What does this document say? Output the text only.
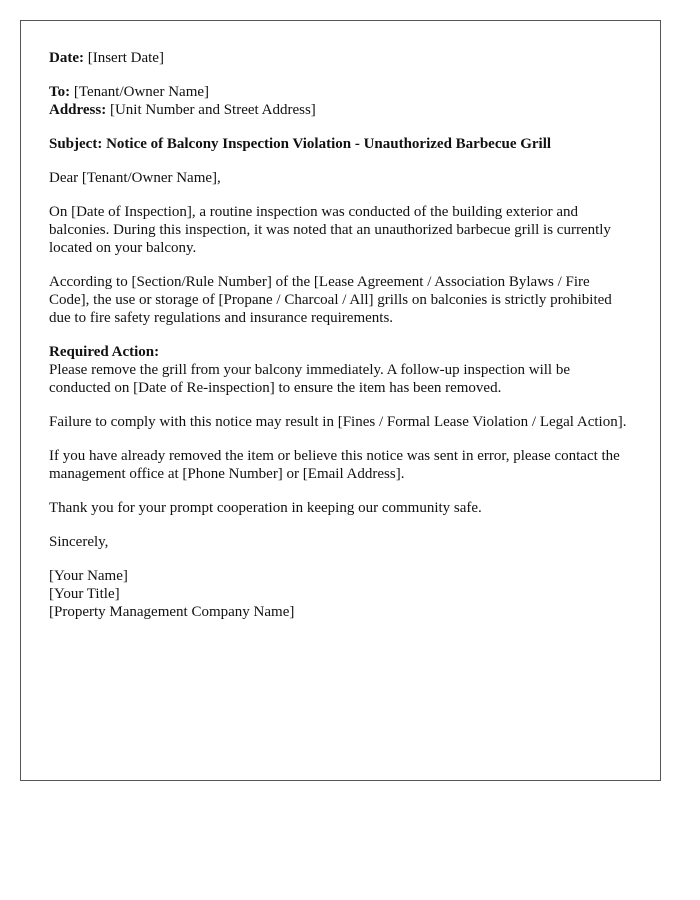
Date: [Insert Date]

To: [Tenant/Owner Name]

Address: [Unit Number and Street Address]

Subject: Notice of Balcony Inspection Violation - Unauthorized Barbecue Grill

Dear [Tenant/Owner Name],

On [Date of Inspection], a routine inspection was conducted of the building exterior and balconies. During this inspection, it was noted that an unauthorized barbecue grill is currently located on your balcony.

According to [Section/Rule Number] of the [Lease Agreement / Association Bylaws / Fire Code], the use or storage of [Propane / Charcoal / All] grills on balconies is strictly prohibited due to fire safety regulations and insurance requirements.

Required Action:

Please remove the grill from your balcony immediately. A follow-up inspection will be conducted on [Date of Re-inspection] to ensure the item has been removed.

Failure to comply with this notice may result in [Fines / Formal Lease Violation / Legal Action].

If you have already removed the item or believe this notice was sent in error, please contact the management office at [Phone Number] or [Email Address].

Thank you for your prompt cooperation in keeping our community safe.

Sincerely,

[Your Name]

[Your Title]

[Property Management Company Name]
